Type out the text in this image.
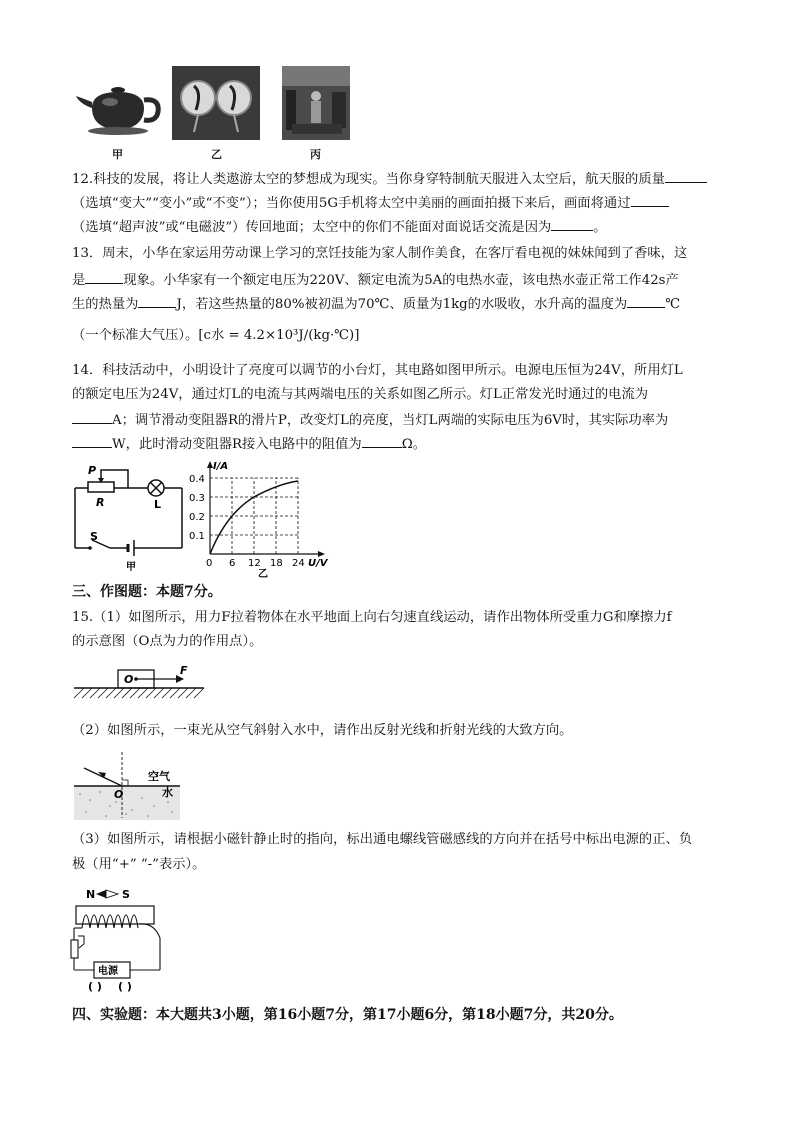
甲	乙	丙
12.科技的发展，将让人类遨游太空的梦想成为现实。当你身穿特制航天服进入太空后，航天服的质量
（选填“变大”“变小”或“不变”）；当你使用5G手机将太空中美丽的画面拍摄下来后，画面将通过
（选填“超声波”或“电磁波”）传回地面；太空中的你们不能面对面说话交流是因为	。
13．周末，小华在家运用劳动课上学习的烹饪技能为家人制作美食，在客厅看电视的妹妹闻到了香味，这
是	现象。小华家有一个额定电压为220V、额定电流为5A的电热水壶，该电热水壶正常工作42s产
生的热量为	J，若这些热量的80%被初温为70℃、质量为1kg的水吸收，水升高的温度为	℃
（一个标准大气压）。[c水 = 4.2×10³J/(kg·℃)]
14．科技活动中，小明设计了亮度可以调节的小台灯，其电路如图甲所示。电源电压恒为24V，所用灯L
的额定电压为24V，通过灯L的电流与其两端电压的关系如图乙所示。灯L正常发光时通过的电流为
A；调节滑动变阻器R的滑片P，改变灯L的亮度，当灯L两端的实际电压为6V时，其实际功率为
W，此时滑动变阻器R接入电路中的阻值为	Ω。
P
R	L
S
甲
I/A
0.4
0.3
0.2
0.1
0 6 12 18 24 U/V
乙
三、作图题：本题7分。
15.（1）如图所示，用力F拉着物体在水平地面上向右匀速直线运动，请作出物体所受重力G和摩擦力f
的示意图（O点为力的作用点）。
O
F
（2）如图所示，一束光从空气斜射入水中，请作出反射光线和折射光线的大致方向。
空气
水
O
（3）如图所示，请根据小磁针静止时的指向，标出通电螺线管磁感线的方向并在括号中标出电源的正、负
极（用“+” “-”表示）。
N S
电源
( ) ( )
四、实验题：本大题共3小题，第16小题7分，第17小题6分，第18小题7分，共20分。
